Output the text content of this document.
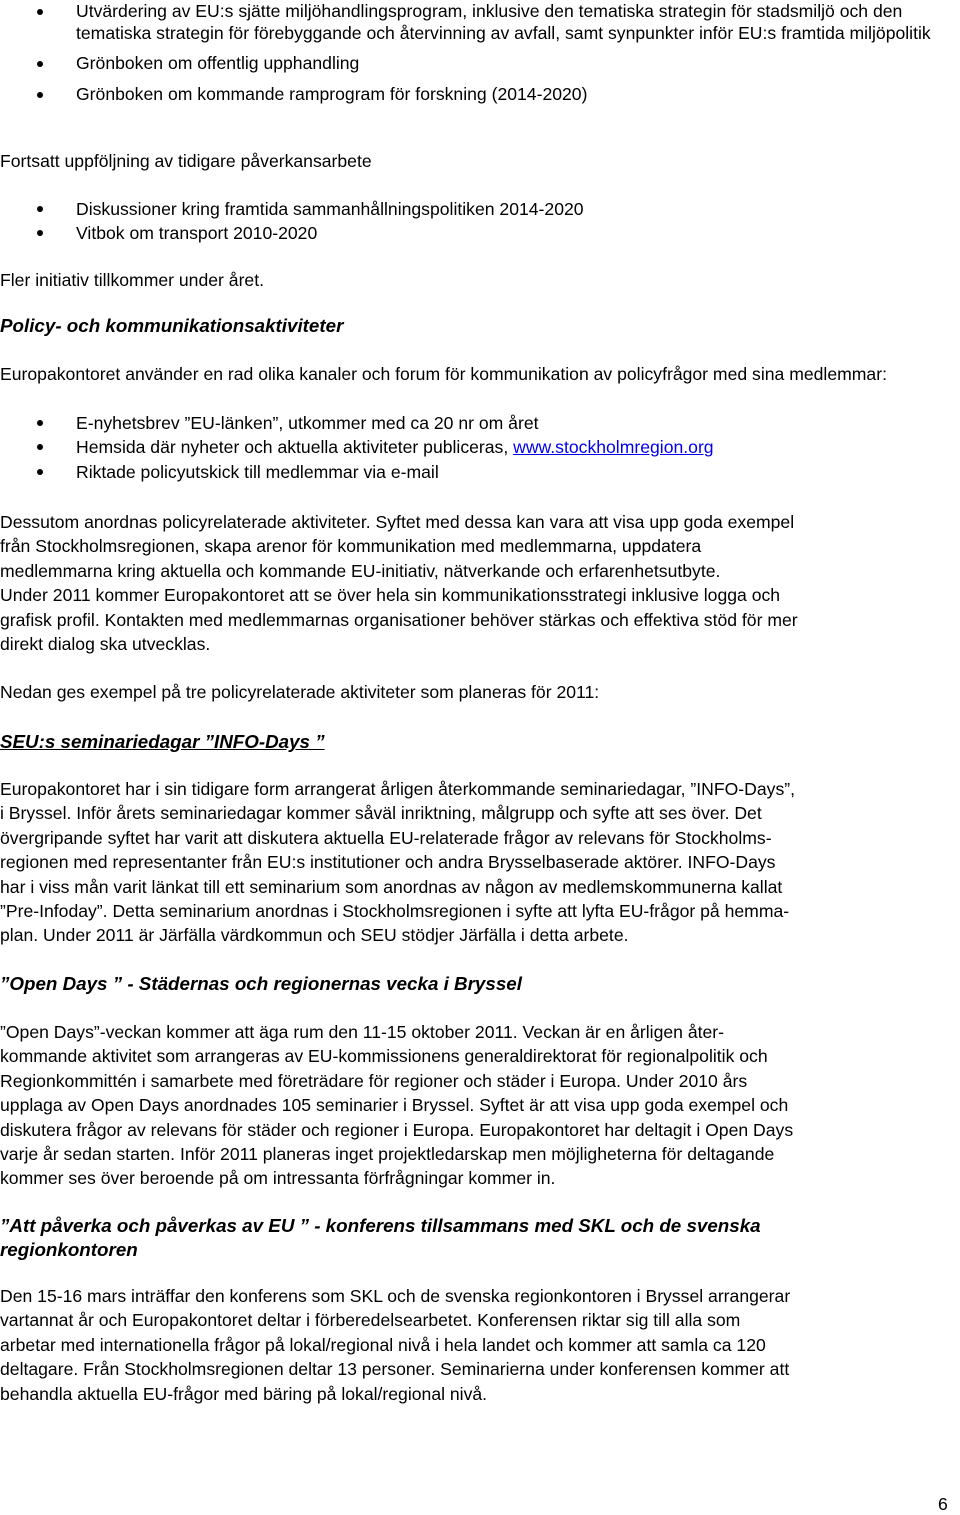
Utvärdering av EU:s sjätte miljöhandlingsprogram, inklusive den tematiska strategin för stadsmiljö och den tematiska strategin för förebyggande och återvinning av avfall, samt synpunkter inför EU:s framtida miljöpolitik
Grönboken om offentlig upphandling
Grönboken om kommande ramprogram för forskning (2014-2020)

Fortsatt uppföljning av tidigare påverkansarbete

Diskussioner kring framtida sammanhållningspolitiken 2014-2020
Vitbok om transport 2010-2020

Fler initiativ tillkommer under året.

Policy- och kommunikationsaktiviteter

Europakontoret använder en rad olika kanaler och forum för kommunikation av policyfrågor med sina medlemmar:

E-nyhetsbrev ”EU-länken”, utkommer med ca 20 nr om året
Hemsida där nyheter och aktuella aktiviteter publiceras, www.stockholmregion.org
Riktade policyutskick till medlemmar via e-mail
Dessutom anordnas policyrelaterade aktiviteter. Syftet med dessa kan vara att visa upp goda exempel
från Stockholmsregionen, skapa arenor för kommunikation med medlemmarna, uppdatera
medlemmarna kring aktuella och kommande EU-initiativ, nätverkande och erfarenhetsutbyte.
Under 2011 kommer Europakontoret att se över hela sin kommunikationsstrategi inklusive logga och
grafisk profil. Kontakten med medlemmarnas organisationer behöver stärkas och effektiva stöd för mer
direkt dialog ska utvecklas.

Nedan ges exempel på tre policyrelaterade aktiviteter som planeras för 2011:

SEU:s seminariedagar ”INFO-Days ”

Europakontoret har i sin tidigare form arrangerat årligen återkommande seminariedagar, ”INFO-Days”,
i Bryssel. Inför årets seminariedagar kommer såväl inriktning, målgrupp och syfte att ses över. Det
övergripande syftet har varit att diskutera aktuella EU-relaterade frågor av relevans för Stockholms-
regionen med representanter från EU:s institutioner och andra Brysselbaserade aktörer. INFO-Days
har i viss mån varit länkat till ett seminarium som anordnas av någon av medlemskommunerna kallat
”Pre-Infoday”. Detta seminarium anordnas i Stockholmsregionen i syfte att lyfta EU-frågor på hemma-
plan. Under 2011 är Järfälla värdkommun och SEU stödjer Järfälla i detta arbete.

”Open Days ” - Städernas och regionernas vecka i Bryssel

”Open Days”-veckan kommer att äga rum den 11-15 oktober 2011. Veckan är en årligen åter-
kommande aktivitet som arrangeras av EU-kommissionens generaldirektorat för regionalpolitik och
Regionkommittén i samarbete med företrädare för regioner och städer i Europa. Under 2010 års
upplaga av Open Days anordnades 105 seminarier i Bryssel. Syftet är att visa upp goda exempel och
diskutera frågor av relevans för städer och regioner i Europa. Europakontoret har deltagit i Open Days
varje år sedan starten. Inför 2011 planeras inget projektledarskap men möjligheterna för deltagande
kommer ses över beroende på om intressanta förfrågningar kommer in.
”Att påverka och påverkas av EU ” - konferens tillsammans med SKL och de svenska
regionkontoren
Den 15-16 mars inträffar den konferens som SKL och de svenska regionkontoren i Bryssel arrangerar
vartannat år och Europakontoret deltar i förberedelsearbetet. Konferensen riktar sig till alla som
arbetar med internationella frågor på lokal/regional nivå i hela landet och kommer att samla ca 120
deltagare. Från Stockholmsregionen deltar 13 personer. Seminarierna under konferensen kommer att
behandla aktuella EU-frågor med bäring på lokal/regional nivå.
6
